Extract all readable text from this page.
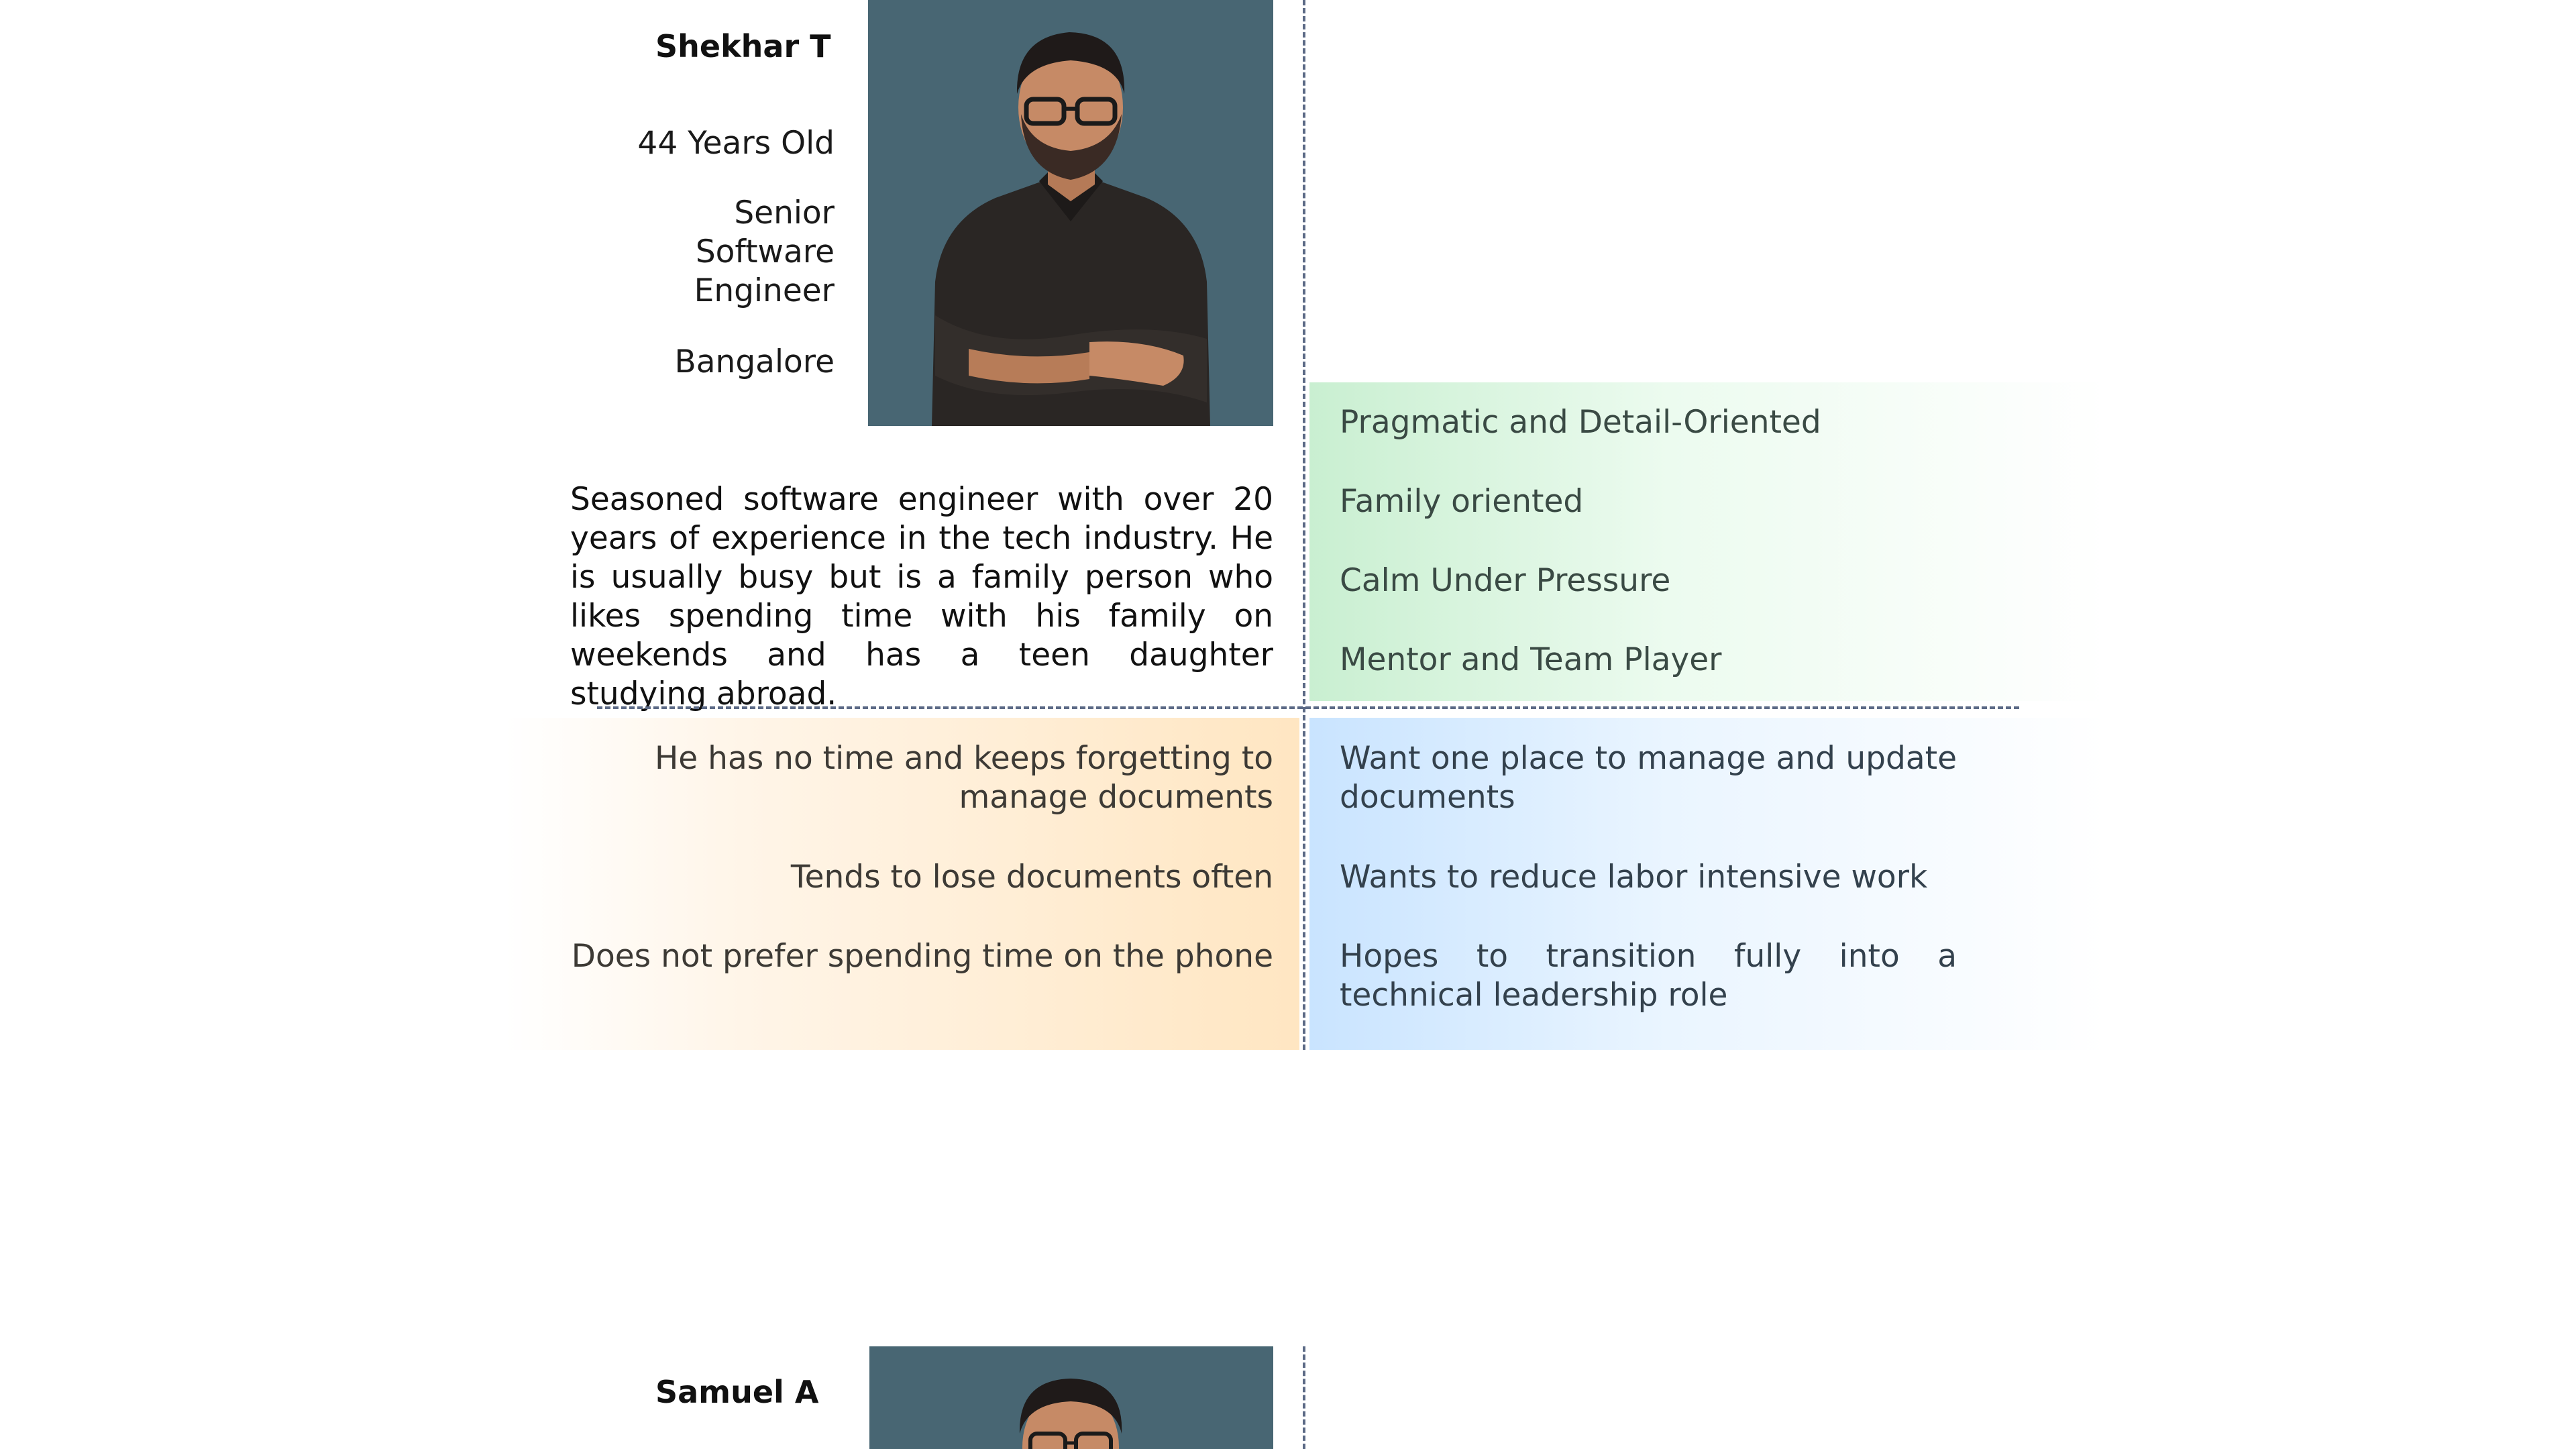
Shekhar T
44 Years Old
Senior
Software
Engineer
Bangalore
Seasoned software engineer with over 20 years of experience in the tech industry. He is usually busy but is a family person who likes spending time with his family on weekends and has a teen daughter studying abroad.
Pragmatic and Detail-Oriented
Family oriented
Calm Under Pressure
Mentor and Team Player
He has no time and keeps forgetting to manage documents
Tends to lose documents often
Does not prefer spending time on the phone
Want one place to manage and update documents
Wants to reduce labor intensive work
Hopes to transition fully into a technical leadership role
Samuel A
